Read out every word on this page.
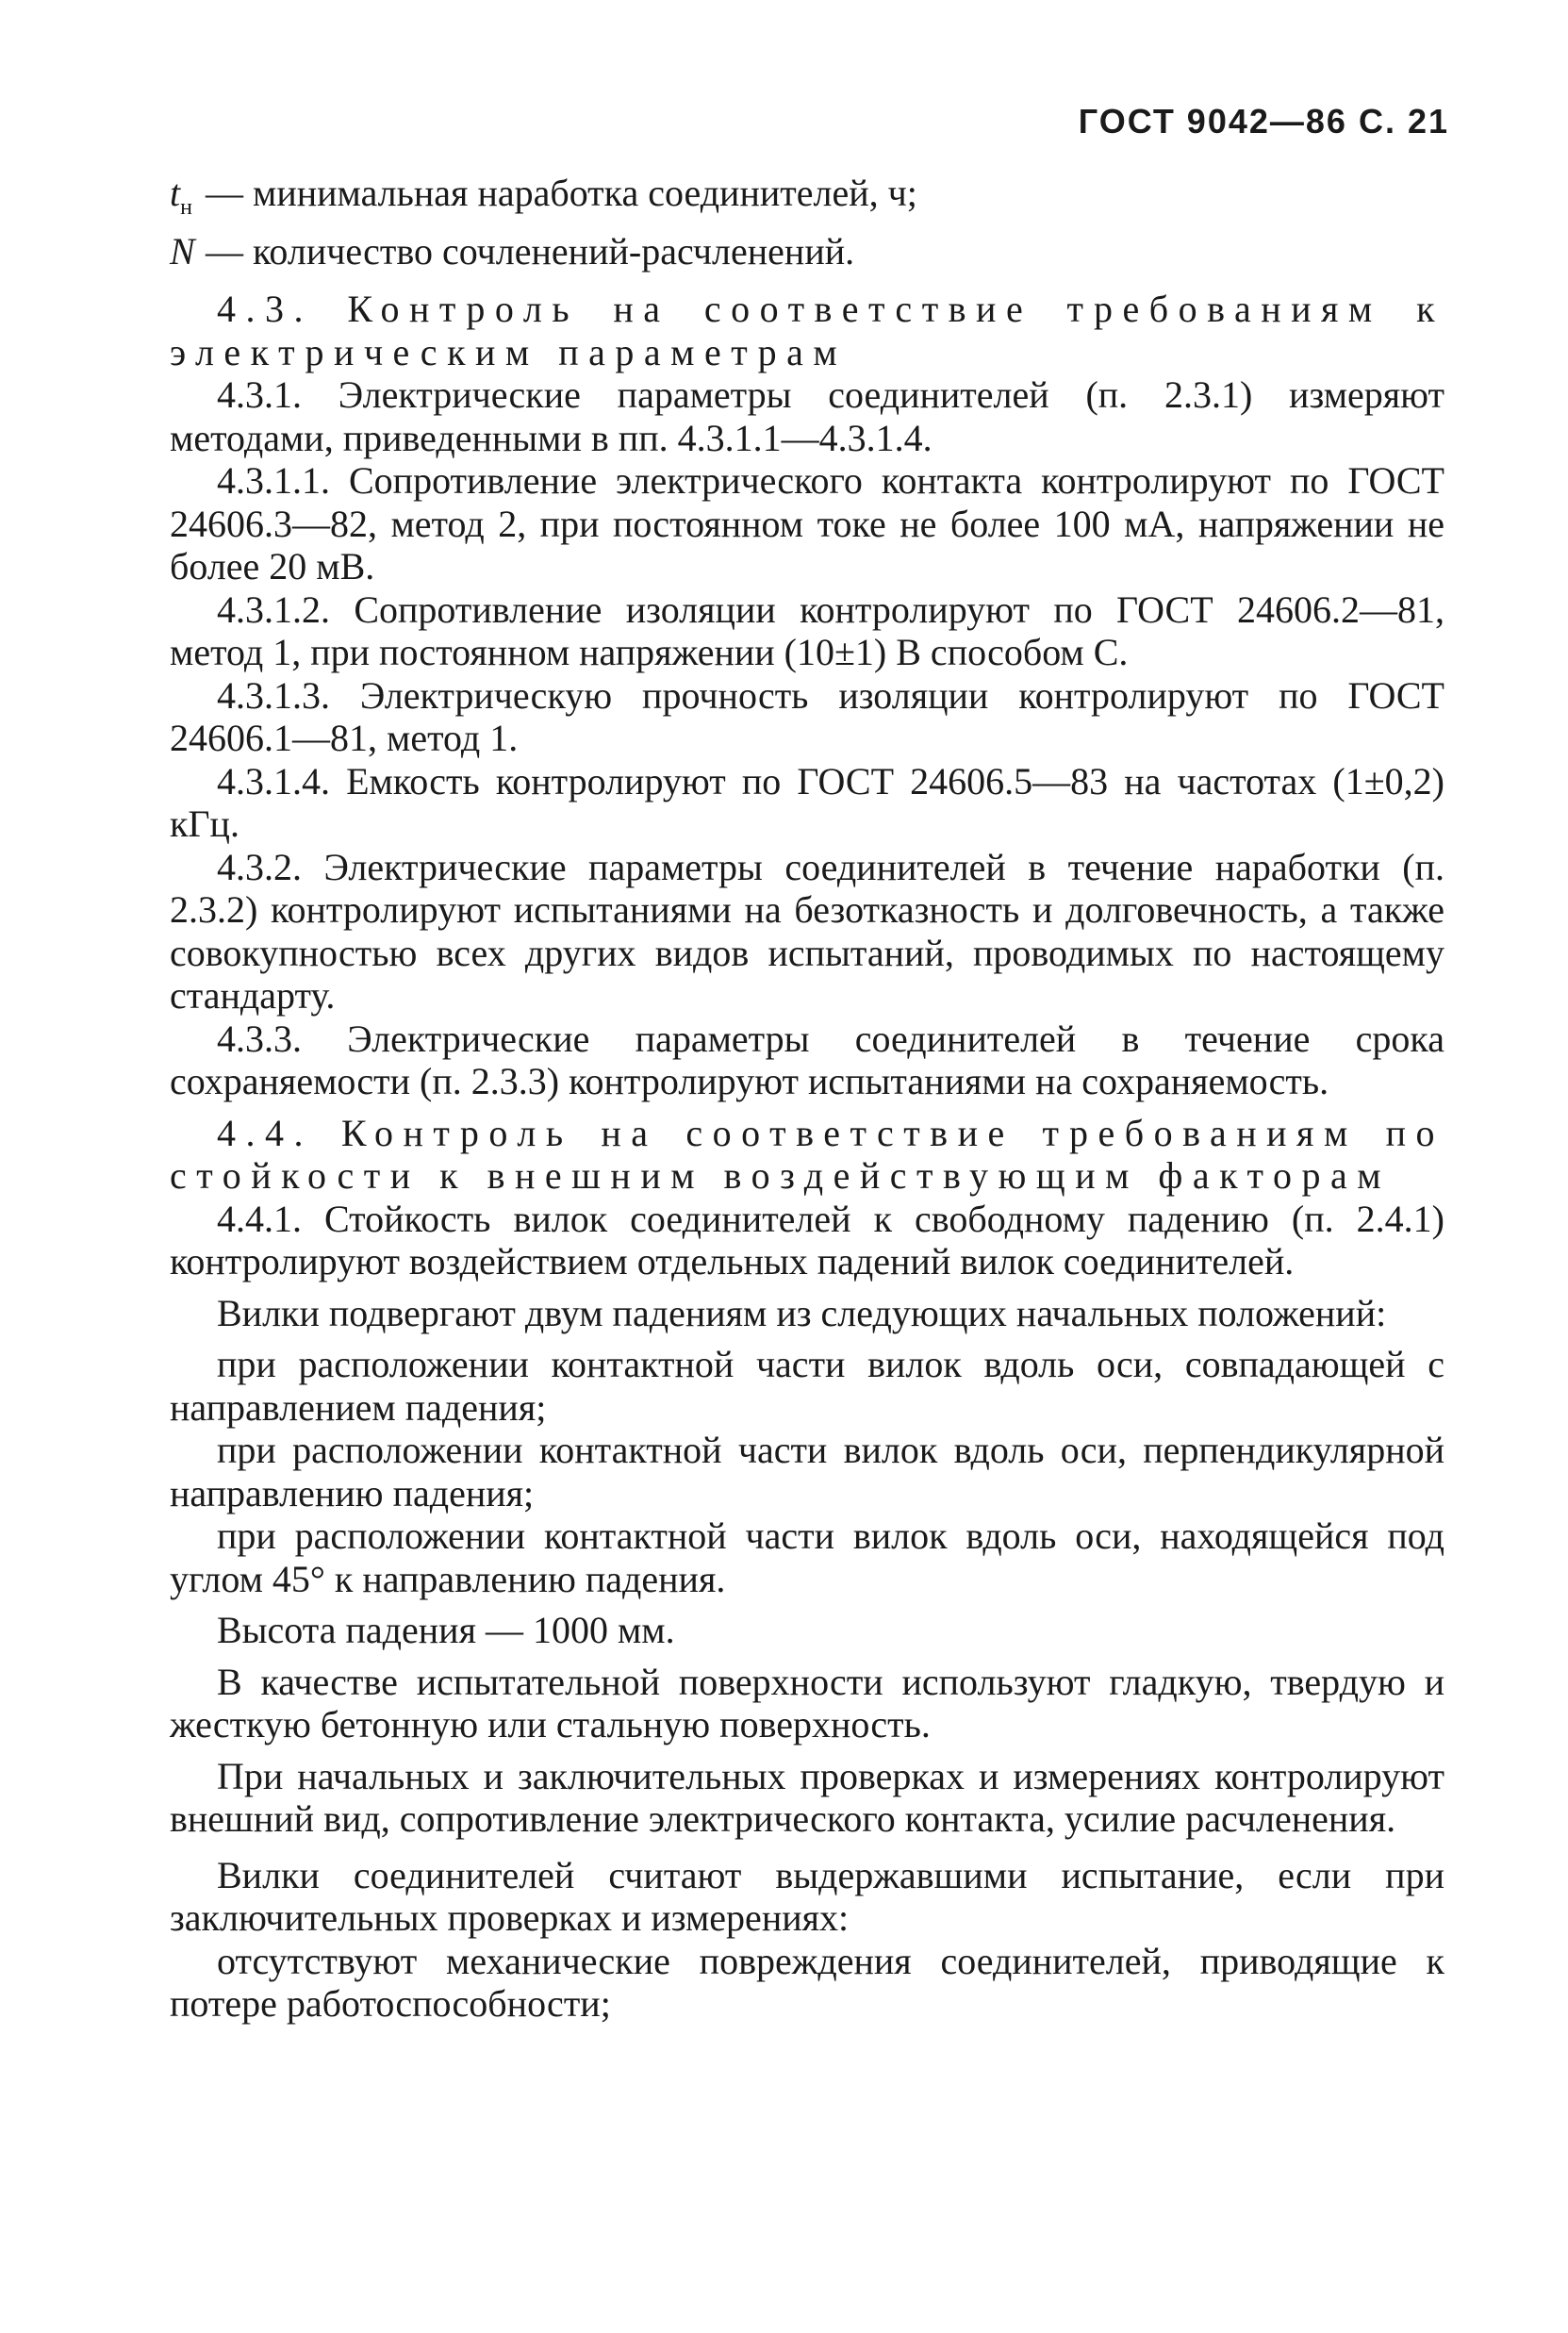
ГОСТ 9042—86 С. 21
$t_н$ — минимальная наработка соединителей, ч;
N — количество сочленений-расчленений.

4.3. Контроль на соответствие требованиям к электрическим параметрам

4.3.1. Электрические параметры соединителей (п. 2.3.1) измеряют методами, приведенными в пп. 4.3.1.1—4.3.1.4.

4.3.1.1. Сопротивление электрического контакта контролируют по ГОСТ 24606.3—82, метод 2, при постоянном токе не более 100 мА, напряжении не более 20 мВ.

4.3.1.2. Сопротивление изоляции контролируют по ГОСТ 24606.2—81, метод 1, при постоянном напряжении (10±1) В способом С.

4.3.1.3. Электрическую прочность изоляции контролируют по ГОСТ 24606.1—81, метод 1.

4.3.1.4. Емкость контролируют по ГОСТ 24606.5—83 на частотах (1±0,2) кГц.

4.3.2. Электрические параметры соединителей в течение наработки (п. 2.3.2) контролируют испытаниями на безотказность и долговечность, а также совокупностью всех других видов испытаний, проводимых по настоящему стандарту.

4.3.3. Электрические параметры соединителей в течение срока сохраняемости (п. 2.3.3) контролируют испытаниями на сохраняемость.

4.4. Контроль на соответствие требованиям по стойкости к внешним воздействующим факторам

4.4.1. Стойкость вилок соединителей к свободному падению (п. 2.4.1) контролируют воздействием отдельных падений вилок соединителей.

Вилки подвергают двум падениям из следующих начальных положений:

при расположении контактной части вилок вдоль оси, совпадающей с направлением падения;

при расположении контактной части вилок вдоль оси, перпендикулярной направлению падения;

при расположении контактной части вилок вдоль оси, находящейся под углом 45° к направлению падения.

Высота падения — 1000 мм.

В качестве испытательной поверхности используют гладкую, твердую и жесткую бетонную или стальную поверхность.

При начальных и заключительных проверках и измерениях контролируют внешний вид, сопротивление электрического контакта, усилие расчленения.

Вилки соединителей считают выдержавшими испытание, если при заключительных проверках и измерениях:

отсутствуют механические повреждения соединителей, приводящие к потере работоспособности;
